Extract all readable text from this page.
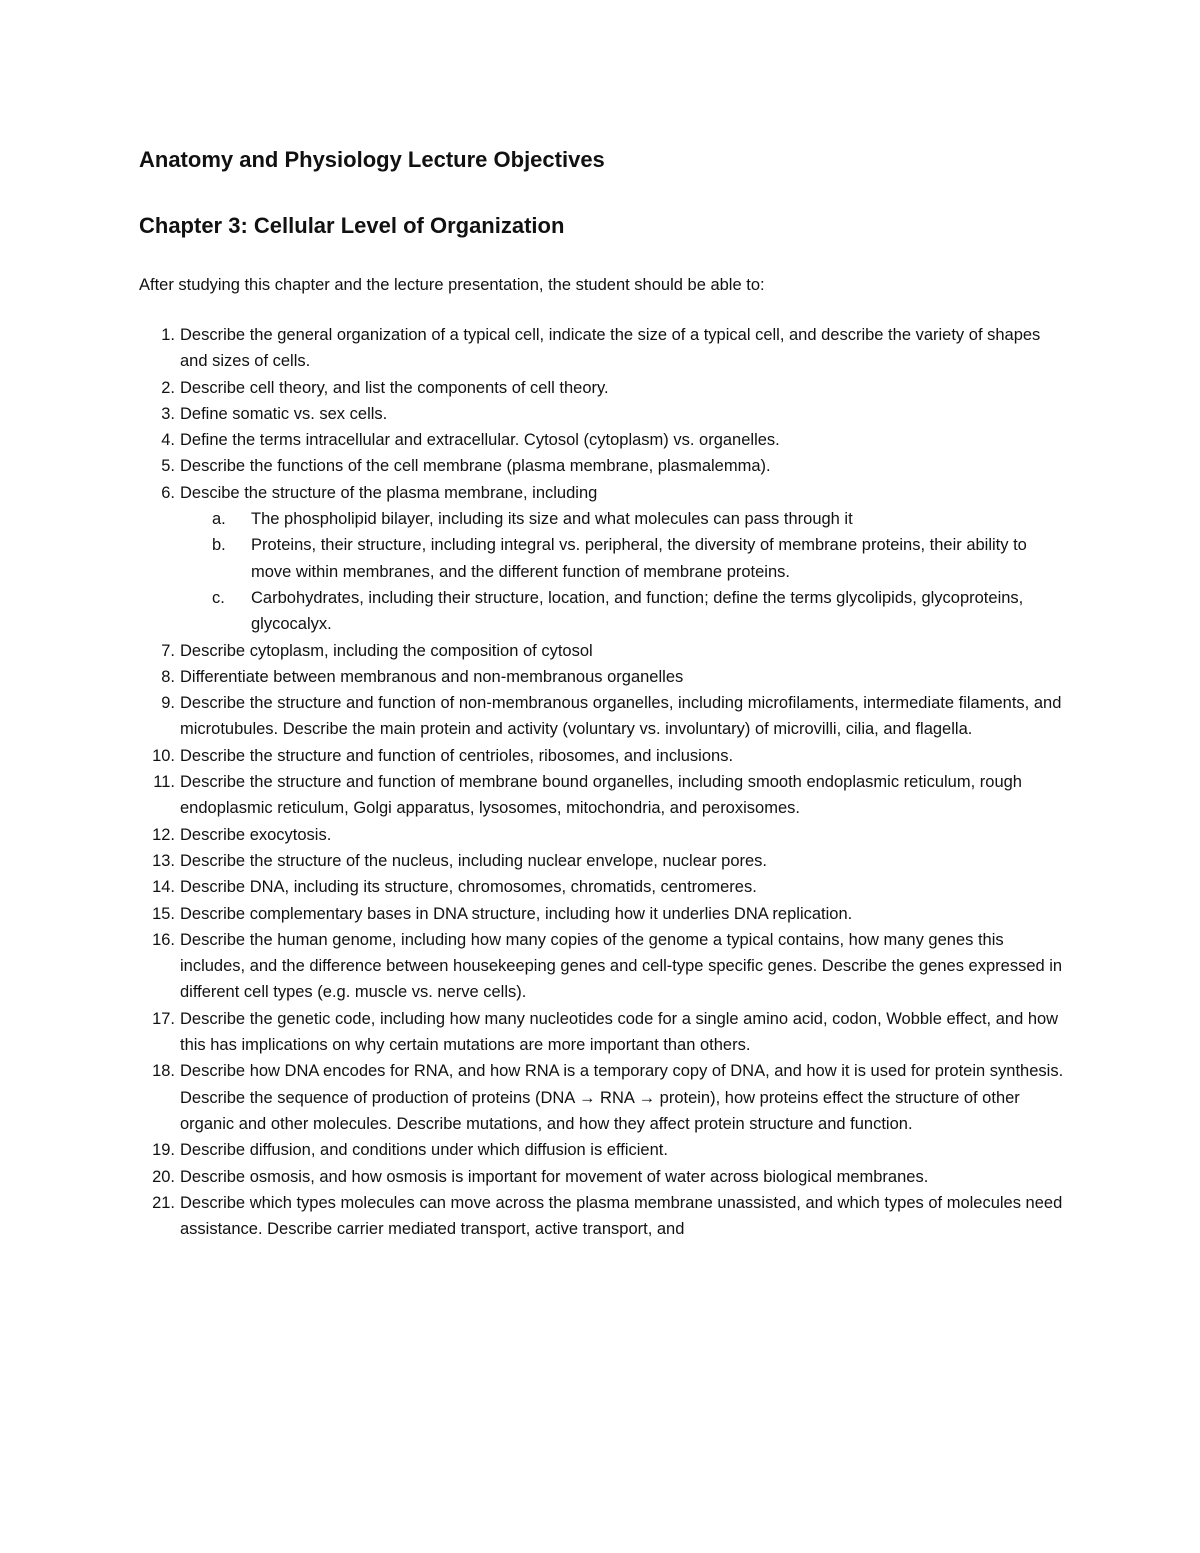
Anatomy and Physiology Lecture Objectives
Chapter 3: Cellular Level of Organization

After studying this chapter and the lecture presentation, the student should be able to:

1. Describe the general organization of a typical cell, indicate the size of a typical cell, and describe the variety of shapes and sizes of cells.
2. Describe cell theory, and list the components of cell theory.
3. Define somatic vs. sex cells.
4. Define the terms intracellular and extracellular. Cytosol (cytoplasm) vs. organelles.
5. Describe the functions of the cell membrane (plasma membrane, plasmalemma).
6. Descibe the structure of the plasma membrane, including
a. The phospholipid bilayer, including its size and what molecules can pass through it
b. Proteins, their structure, including integral vs. peripheral, the diversity of membrane proteins, their ability to move within membranes, and the different function of membrane proteins.
c. Carbohydrates, including their structure, location, and function; define the terms glycolipids, glycoproteins, glycocalyx.
7. Describe cytoplasm, including the composition of cytosol
8. Differentiate between membranous and non-membranous organelles
9. Describe the structure and function of non-membranous organelles, including microfilaments, intermediate filaments, and microtubules. Describe the main protein and activity (voluntary vs. involuntary) of microvilli, cilia, and flagella.
10. Describe the structure and function of centrioles, ribosomes, and inclusions.
11. Describe the structure and function of membrane bound organelles, including smooth endoplasmic reticulum, rough endoplasmic reticulum, Golgi apparatus, lysosomes, mitochondria, and peroxisomes.
12. Describe exocytosis.
13. Describe the structure of the nucleus, including nuclear envelope, nuclear pores.
14. Describe DNA, including its structure, chromosomes, chromatids, centromeres.
15. Describe complementary bases in DNA structure, including how it underlies DNA replication.
16. Describe the human genome, including how many copies of the genome a typical contains, how many genes this includes, and the difference between housekeeping genes and cell-type specific genes. Describe the genes expressed in different cell types (e.g. muscle vs. nerve cells).
17. Describe the genetic code, including how many nucleotides code for a single amino acid, codon, Wobble effect, and how this has implications on why certain mutations are more important than others.
18. Describe how DNA encodes for RNA, and how RNA is a temporary copy of DNA, and how it is used for protein synthesis. Describe the sequence of production of proteins (DNA → RNA → protein), how proteins effect the structure of other organic and other molecules. Describe mutations, and how they affect protein structure and function.
19. Describe diffusion, and conditions under which diffusion is efficient.
20. Describe osmosis, and how osmosis is important for movement of water across biological membranes.
21. Describe which types molecules can move across the plasma membrane unassisted, and which types of molecules need assistance. Describe carrier mediated transport, active transport, and
